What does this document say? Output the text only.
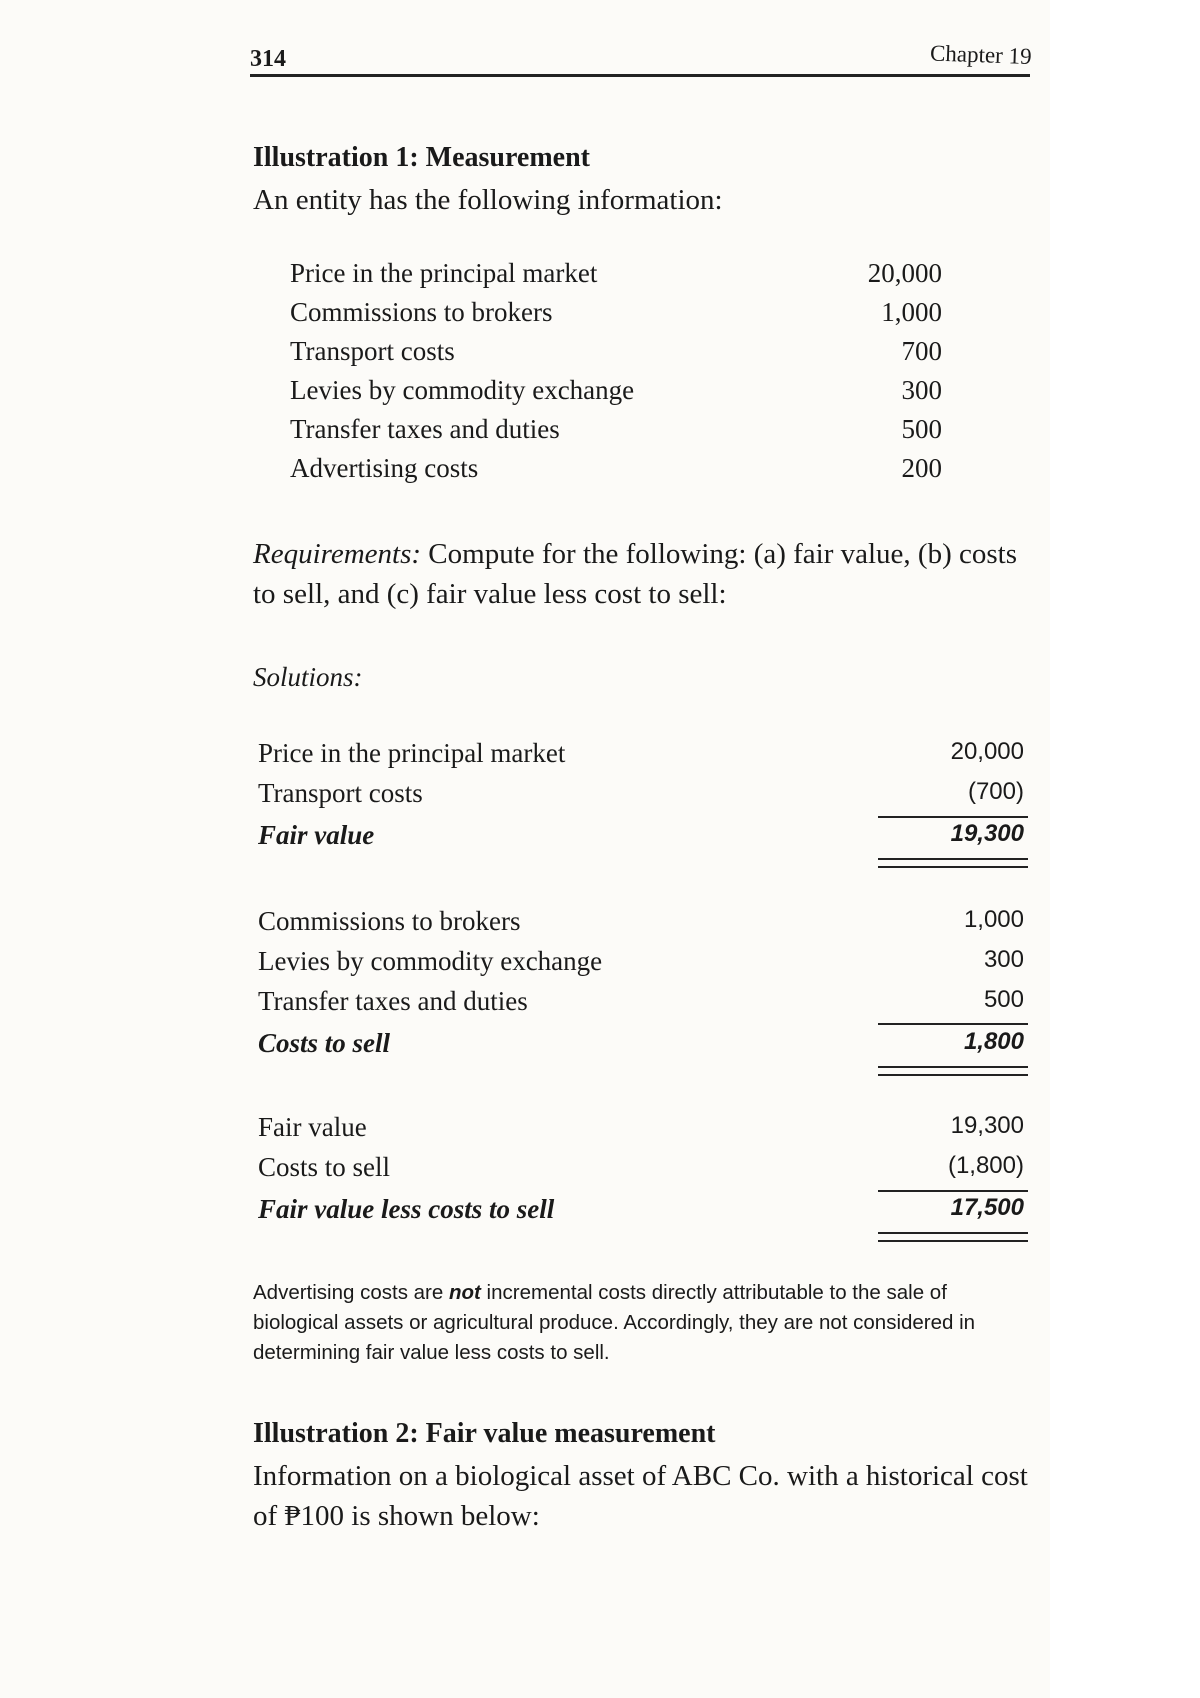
314	Chapter 19
Illustration 1: Measurement
An entity has the following information:
Price in the principal market	20,000
Commissions to brokers	1,000
Transport costs	700
Levies by commodity exchange	300
Transfer taxes and duties	500
Advertising costs	200
Requirements: Compute for the following: (a) fair value, (b) costs to sell, and (c) fair value less cost to sell:
Solutions:
Price in the principal market	20,000
Transport costs	(700)
Fair value	19,300
Commissions to brokers	1,000
Levies by commodity exchange	300
Transfer taxes and duties	500
Costs to sell	1,800
Fair value	19,300
Costs to sell	(1,800)
Fair value less costs to sell	17,500
Advertising costs are not incremental costs directly attributable to the sale of biological assets or agricultural produce. Accordingly, they are not considered in determining fair value less costs to sell.
Illustration 2: Fair value measurement
Information on a biological asset of ABC Co. with a historical cost of ₱100 is shown below:
